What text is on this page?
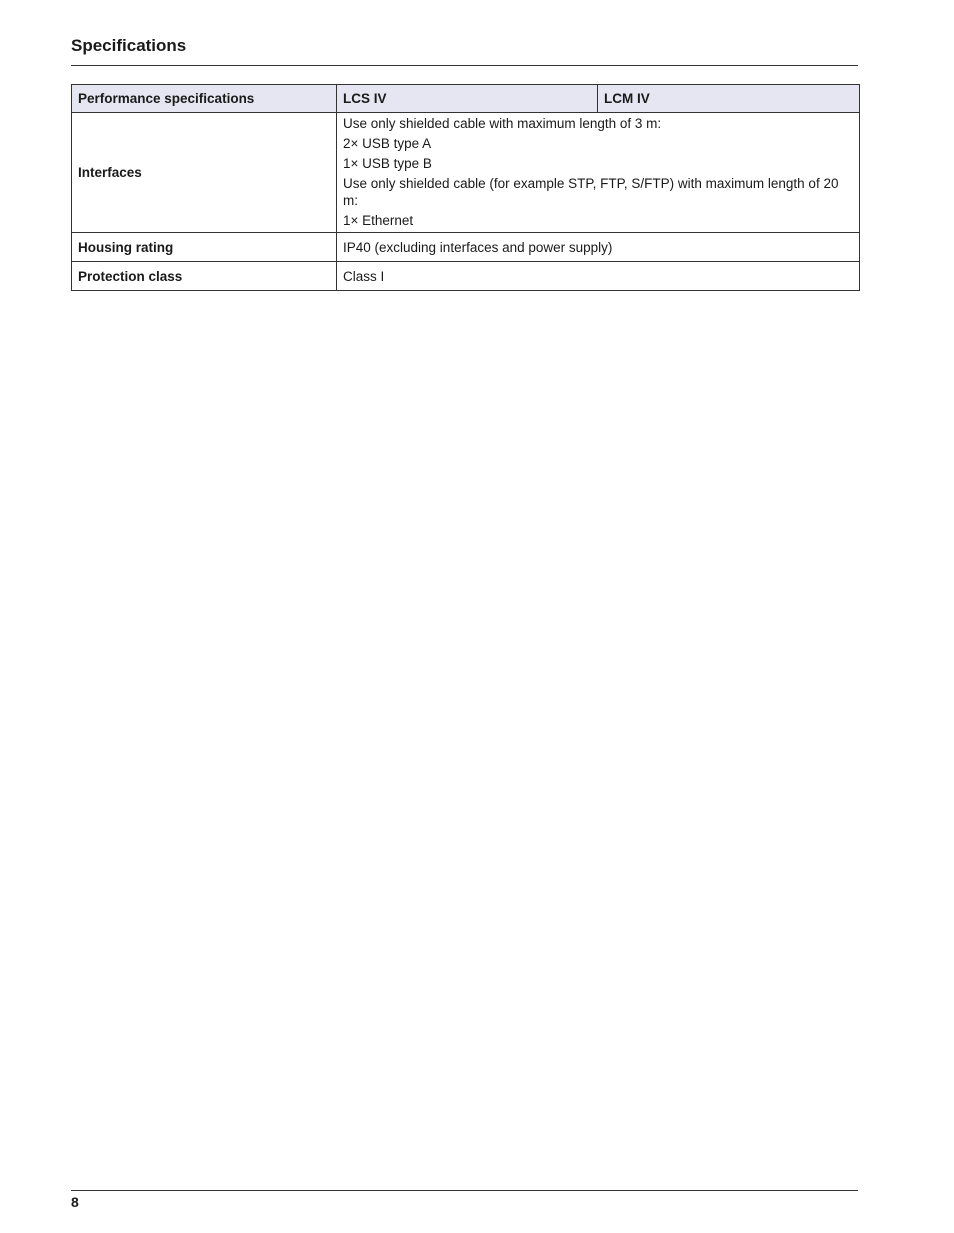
Specifications
Performance specifications	LCS IV	LCM IV
Interfaces	Use only shielded cable with maximum length of 3 m:
2× USB type A
1× USB type B
Use only shielded cable (for example STP, FTP, S/FTP) with maximum length of 20 m:
1× Ethernet	

Housing rating	IP40 (excluding interfaces and power supply)	
Protection class	Class I	
8
